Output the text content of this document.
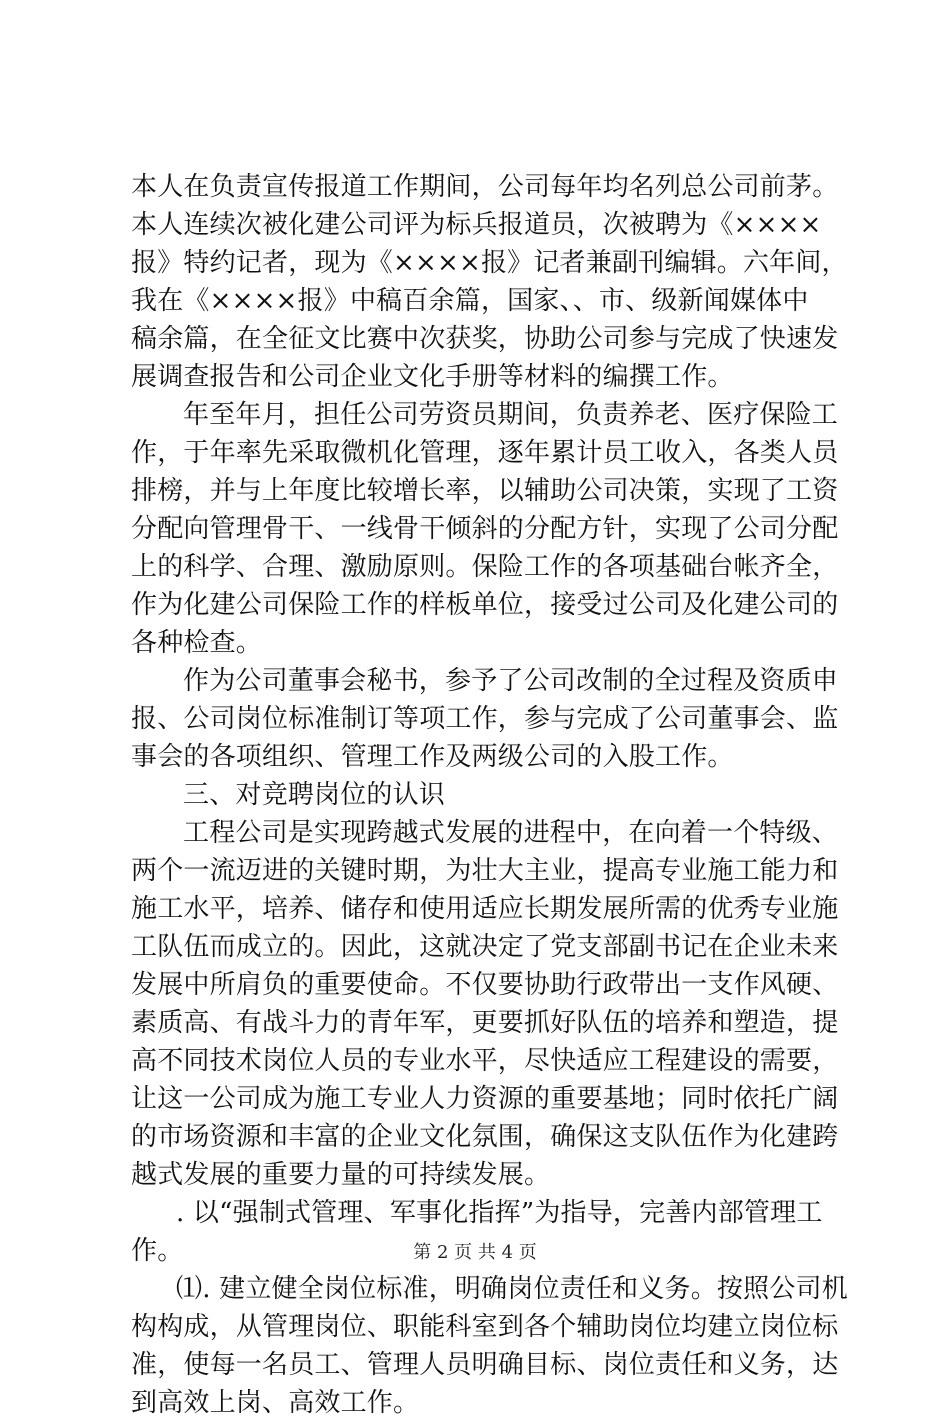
本人在负责宣传报道工作期间，公司每年均名列总公司前茅。
本人连续次被化建公司评为标兵报道员，次被聘为《××××
报》特约记者，现为《××××报》记者兼副刊编辑。六年间，
我在《××××报》中稿百余篇，国家、、市、级新闻媒体中
稿余篇，在全征文比赛中次获奖，协助公司参与完成了快速发
展调查报告和公司企业文化手册等材料的编撰工作。
年至年月，担任公司劳资员期间，负责养老、医疗保险工
作，于年率先采取微机化管理，逐年累计员工收入，各类人员
排榜，并与上年度比较增长率，以辅助公司决策，实现了工资
分配向管理骨干、一线骨干倾斜的分配方针，实现了公司分配
上的科学、合理、激励原则。保险工作的各项基础台帐齐全，
作为化建公司保险工作的样板单位，接受过公司及化建公司的
各种检查。
作为公司董事会秘书，参予了公司改制的全过程及资质申
报、公司岗位标准制订等项工作，参与完成了公司董事会、监
事会的各项组织、管理工作及两级公司的入股工作。
三、对竞聘岗位的认识
工程公司是实现跨越式发展的进程中，在向着一个特级、
两个一流迈进的关键时期，为壮大主业，提高专业施工能力和
施工水平，培养、储存和使用适应长期发展所需的优秀专业施
工队伍而成立的。因此，这就决定了党支部副书记在企业未来
发展中所肩负的重要使命。不仅要协助行政带出一支作风硬、
素质高、有战斗力的青年军，更要抓好队伍的培养和塑造，提
高不同技术岗位人员的专业水平，尽快适应工程建设的需要，
让这一公司成为施工专业人力资源的重要基地；同时依托广阔
的市场资源和丰富的企业文化氛围，确保这支队伍作为化建跨
越式发展的重要力量的可持续发展。
. 以“强制式管理、军事化指挥”为指导，完善内部管理工
作。
⑴. 建立健全岗位标准，明确岗位责任和义务。按照公司机
构构成，从管理岗位、职能科室到各个辅助岗位均建立岗位标
准，使每一名员工、管理人员明确目标、岗位责任和义务，达
到高效上岗、高效工作。
第 2 页 共 4 页
